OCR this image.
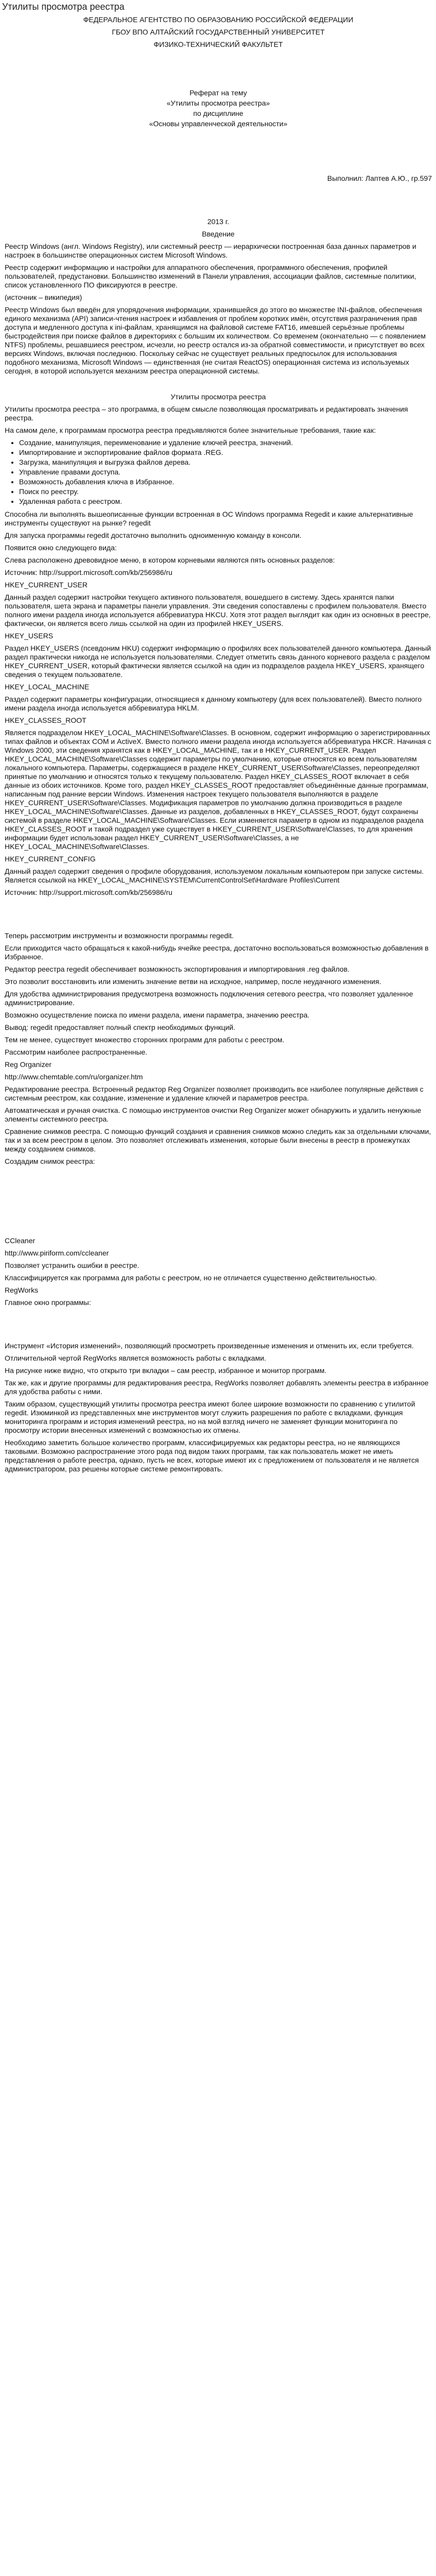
Утилиты просмотра реестра

ФЕДЕРАЛЬНОЕ АГЕНТСТВО ПО ОБРАЗОВАНИЮ РОССИЙСКОЙ ФЕДЕРАЦИИ

ГБОУ ВПО АЛТАЙСКИЙ ГОСУДАРСТВЕННЫЙ УНИВЕРСИТЕТ

ФИЗИКО-ТЕХНИЧЕСКИЙ ФАКУЛЬТЕТ

Реферат на тему

«Утилиты просмотра реестра»

по дисциплине

«Основы управленческой деятельности»

Выполнил: Лаптев А.Ю., гр.597

2013 г.

Введение

Реестр Windows (англ. Windows Registry), или системный реестр — иерархически построенная база данных параметров и настроек в большинстве операционных систем Microsoft Windows.

Реестр содержит информацию и настройки для аппаратного обеспечения, программного обеспечения, профилей пользователей, предустановки. Большинство изменений в Панели управления, ассоциации файлов, системные политики, список установленного ПО фиксируются в реестре.

(источник – википедия)

Реестр Windows был введён для упорядочения информации, хранившейся до этого во множестве INI-файлов, обеспечения единого механизма (API) записи-чтения настроек и избавления от проблем коротких имён, отсутствия разграничения прав доступа и медленного доступа к ini-файлам, хранящимся на файловой системе FAT16, имевшей серьёзные проблемы быстродействия при поиске файлов в директориях с большим их количеством. Со временем (окончательно — с появлением NTFS) проблемы, решавшиеся реестром, исчезли, но реестр остался из-за обратной совместимости, и присутствует во всех версиях Windows, включая последнюю. Поскольку сейчас не существует реальных предпосылок для использования подобного механизма, Microsoft Windows — единственная (не считая ReactOS) операционная система из используемых сегодня, в которой используется механизм реестра операционной системы.

Утилиты просмотра реестра

Утилиты просмотра реестра – это программа, в общем смысле позволяющая просматривать и редактировать значения реестра.

На самом деле, к программам просмотра реестра предъявляются более значительные требования, такие как:

• Создание, манипуляция, переименование и удаление ключей реестра, значений.
• Импортирование и экспортирование файлов формата .REG.
• Загрузка, манипуляция и выгрузка файлов дерева.
• Управление правами доступа.
• Возможность добавления ключа в Избранное.
• Поиск по реестру.
• Удаленная работа с реестром.

Способна ли выполнять вышеописанные функции встроенная в ОС Windows программа Regedit и какие альтернативные инструменты существуют на рынке? regedit

Для запуска программы regedit достаточно выполнить одноименную команду в консоли.

Появится окно следующего вида:

Слева расположено древовидное меню, в котором корневыми являются пять основных разделов:

Источник: http://support.microsoft.com/kb/256986/ru

HKEY_CURRENT_USER

Данный раздел содержит настройки текущего активного пользователя, вошедшего в систему. Здесь хранятся папки пользователя, шета экрана и параметры панели управления. Эти сведения сопоставлены с профилем пользователя. Вместо полного имени раздела иногда используется аббревиатура HKCU. Хотя этот раздел выглядит как один из основных в реестре, фактически, он является всего лишь ссылкой на один из профилей HKEY_USERS.

HKEY_USERS

Раздел HKEY_USERS (псевдоним HKU) содержит информацию о профилях всех пользователей данного компьютера. Данный раздел практически никогда не используется пользователями. Следует отметить связь данного корневого раздела с разделом HKEY_CURRENT_USER, который фактически является ссылкой на один из подразделов раздела HKEY_USERS, хранящего сведения о текущем пользователе.

HKEY_LOCAL_MACHINE

Раздел содержит параметры конфигурации, относящиеся к данному компьютеру (для всех пользователей). Вместо полного имени раздела иногда используется аббревиатура HKLM.

HKEY_CLASSES_ROOT

Является подразделом HKEY_LOCAL_MACHINE\Software\Classes. В основном, содержит информацию о зарегистрированных типах файлов и объектах COM и ActiveX. Вместо полного имени раздела иногда используется аббревиатура HKCR. Начиная с Windows 2000, эти сведения хранятся как в HKEY_LOCAL_MACHINE, так и в HKEY_CURRENT_USER. Раздел HKEY_LOCAL_MACHINE\Software\Classes содержит параметры по умолчанию, которые относятся ко всем пользователям локального компьютера. Параметры, содержащиеся в разделе HKEY_CURRENT_USER\Software\Classes, переопределяют принятые по умолчанию и относятся только к текущему пользователю. Раздел HKEY_CLASSES_ROOT включает в себя данные из обоих источников. Кроме того, раздел HKEY_CLASSES_ROOT предоставляет объединённые данные программам, написанным под ранние версии Windows. Изменения настроек текущего пользователя выполняются в разделе HKEY_CURRENT_USER\Software\Classes. Модификация параметров по умолчанию должна производиться в разделе HKEY_LOCAL_MACHINE\Software\Classes. Данные из разделов, добавленных в HKEY_CLASSES_ROOT, будут сохранены системой в разделе HKEY_LOCAL_MACHINE\Software\Classes. Если изменяется параметр в одном из подразделов раздела HKEY_CLASSES_ROOT и такой подраздел уже существует в HKEY_CURRENT_USER\Software\Classes, то для хранения информации будет использован раздел HKEY_CURRENT_USER\Software\Classes, а не HKEY_LOCAL_MACHINE\Software\Classes.

HKEY_CURRENT_CONFIG

Данный раздел содержит сведения о профиле оборудования, используемом локальным компьютером при запуске системы. Является ссылкой на HKEY_LOCAL_MACHINE\SYSTEM\CurrentControlSet\Hardware Profiles\Current

Источник: http://support.microsoft.com/kb/256986/ru

Теперь рассмотрим инструменты и возможности программы regedit.

Если приходится часто обращаться к какой-нибудь ячейке реестра, достаточно воспользоваться возможностью добавления в Избранное.

Редактор реестра regedit обеспечивает возможность экспортирования и импортирования .reg файлов.

Это позволит восстановить или изменить значение ветви на исходное, например, после неудачного изменения.

Для удобства администрирования предусмотрена возможность подключения сетевого реестра, что позволяет удаленное администрирование.

Возможно осуществление поиска по имени раздела, имени параметра, значению реестра.

Вывод: regedit предоставляет полный спектр необходимых функций.

Тем не менее, существует множество сторонних программ для работы с реестром.

Рассмотрим наиболее распространенные.

Reg Organizer

http://www.chemtable.com/ru/organizer.htm

Редактирование реестра. Встроенный редактор Reg Organizer позволяет производить все наиболее популярные действия с системным реестром, как создание, изменение и удаление ключей и параметров реестра.

Автоматическая и ручная очистка. С помощью инструментов очистки Reg Organizer может обнаружить и удалить ненужные элементы системного реестра.

Сравнение снимков реестра. С помощью функций создания и сравнения снимков можно следить как за отдельными ключами, так и за всем реестром в целом. Это позволяет отслеживать изменения, которые были внесены в реестр в промежутках между созданием снимков.

Создадим снимок реестра:

CCleaner

http://www.piriform.com/ccleaner

Позволяет устранить ошибки в реестре.

Классифицируется как программа для работы с реестром, но не отличается существенно действительностью.

RegWorks

Главное окно программы:

Инструмент «История изменений», позволяющий просмотреть произведенные изменения и отменить их, если требуется.

Отличительной чертой RegWorks является возможность работы с вкладками.

На рисунке ниже видно, что открыто три вкладки – сам реестр, избранное и монитор программ.

Так же, как и другие программы для редактирования реестра, RegWorks позволяет добавлять элементы реестра в избранное для удобства работы с ними.

Таким образом, существующий утилиты просмотра реестра имеют более широкие возможности по сравнению с утилитой regedit. Изюминкой из представленных мне инструментов могут служить разрешения по работе с вкладками, функция мониторинга программ и история изменений реестра, но на мой взгляд ничего не заменяет функции мониторинга по просмотру истории внесенных изменений с возможностью их отмены.

Необходимо заметить большое количество программ, классифицируемых как редакторы реестра, но не являющихся таковыми. Возможно распространение этого рода под видом таких программ, так как пользователь может не иметь представления о работе реестра, однако, пусть не всех, которые имеют их с предложением от пользователя и не является администратором, раз решены которые системе ремонтировать.
